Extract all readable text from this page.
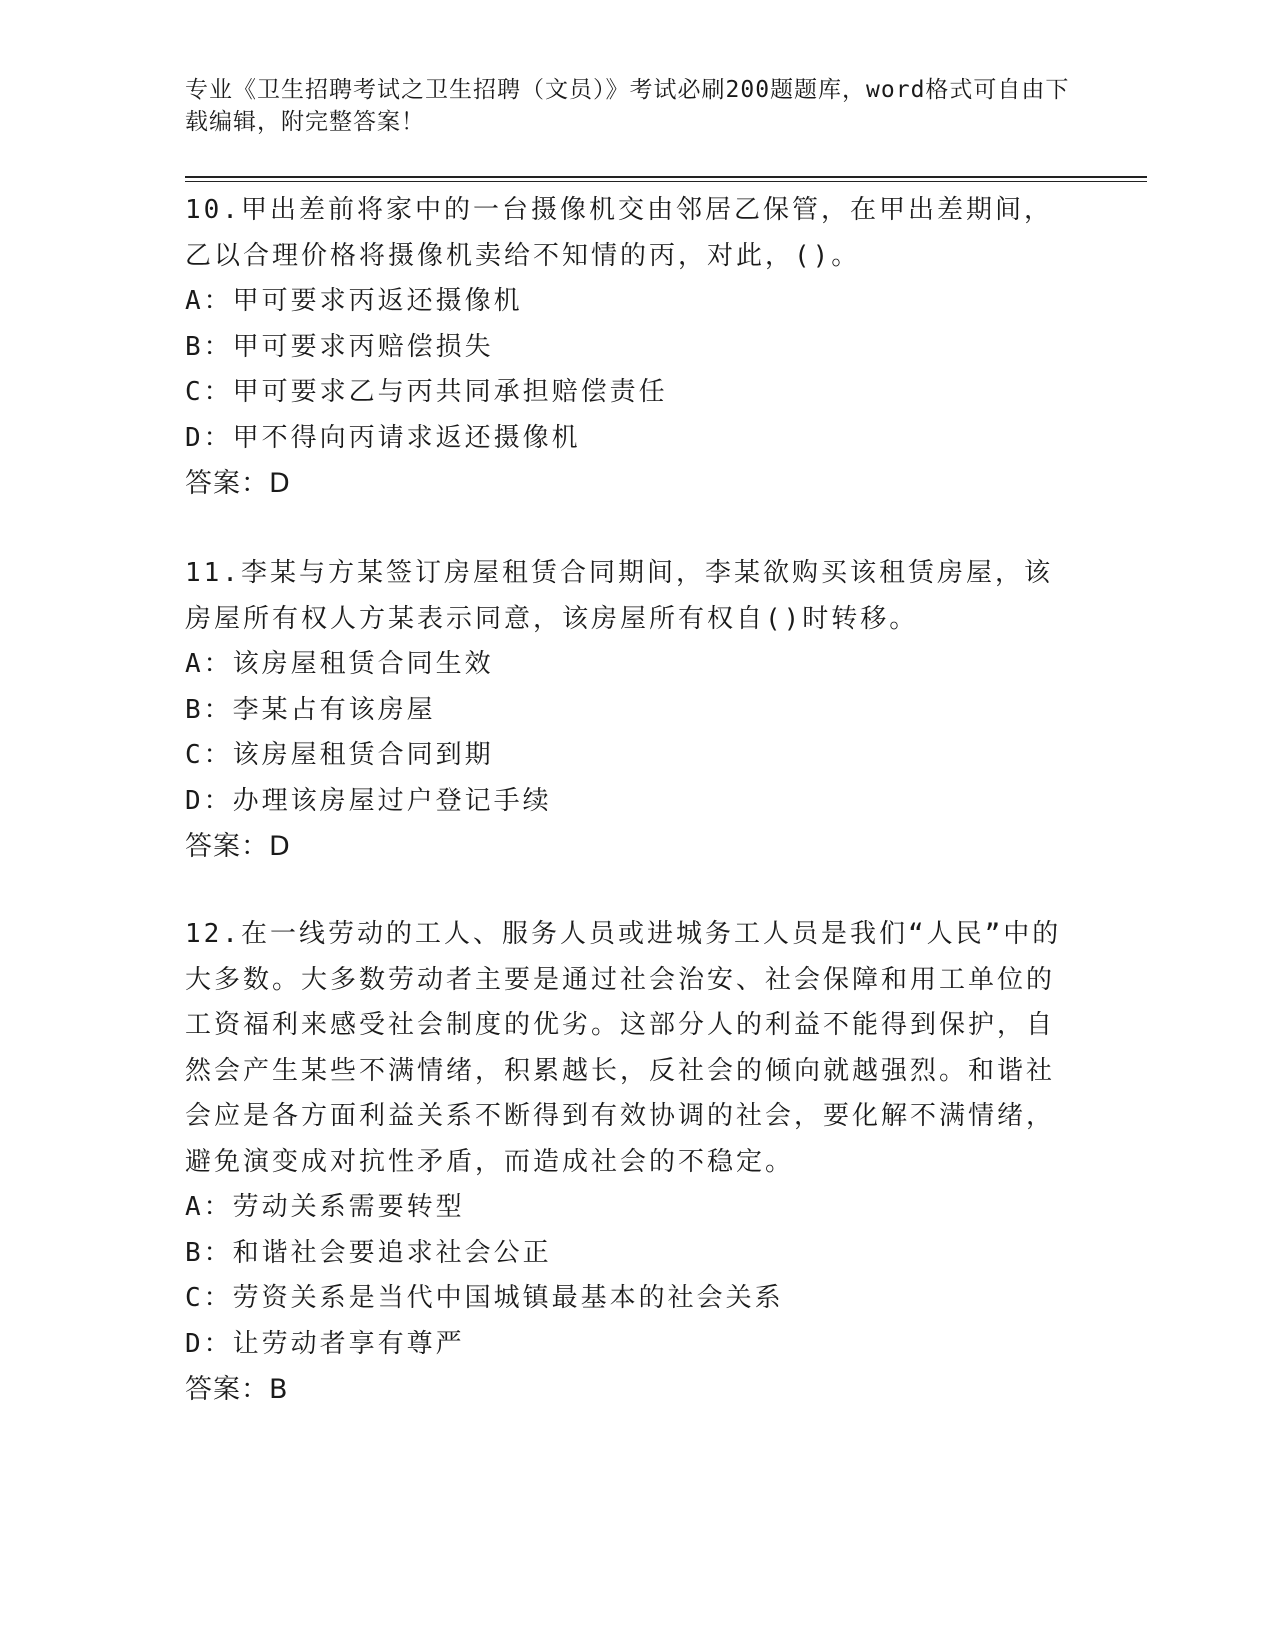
专业《卫生招聘考试之卫生招聘（文员）》考试必刷200题题库，word格式可自由下载编辑，附完整答案！

10.甲出差前将家中的一台摄像机交由邻居乙保管，在甲出差期间，乙以合理价格将摄像机卖给不知情的丙，对此，()。

A：甲可要求丙返还摄像机

B：甲可要求丙赔偿损失

C：甲可要求乙与丙共同承担赔偿责任

D：甲不得向丙请求返还摄像机

答案：D

11.李某与方某签订房屋租赁合同期间，李某欲购买该租赁房屋，该房屋所有权人方某表示同意，该房屋所有权自()时转移。

A：该房屋租赁合同生效

B：李某占有该房屋

C：该房屋租赁合同到期

D：办理该房屋过户登记手续

答案：D

12.在一线劳动的工人、服务人员或进城务工人员是我们“人民”中的大多数。大多数劳动者主要是通过社会治安、社会保障和用工单位的工资福利来感受社会制度的优劣。这部分人的利益不能得到保护，自然会产生某些不满情绪，积累越长，反社会的倾向就越强烈。和谐社会应是各方面利益关系不断得到有效协调的社会，要化解不满情绪，避免演变成对抗性矛盾，而造成社会的不稳定。

A：劳动关系需要转型

B：和谐社会要追求社会公正

C：劳资关系是当代中国城镇最基本的社会关系

D：让劳动者享有尊严

答案：B
